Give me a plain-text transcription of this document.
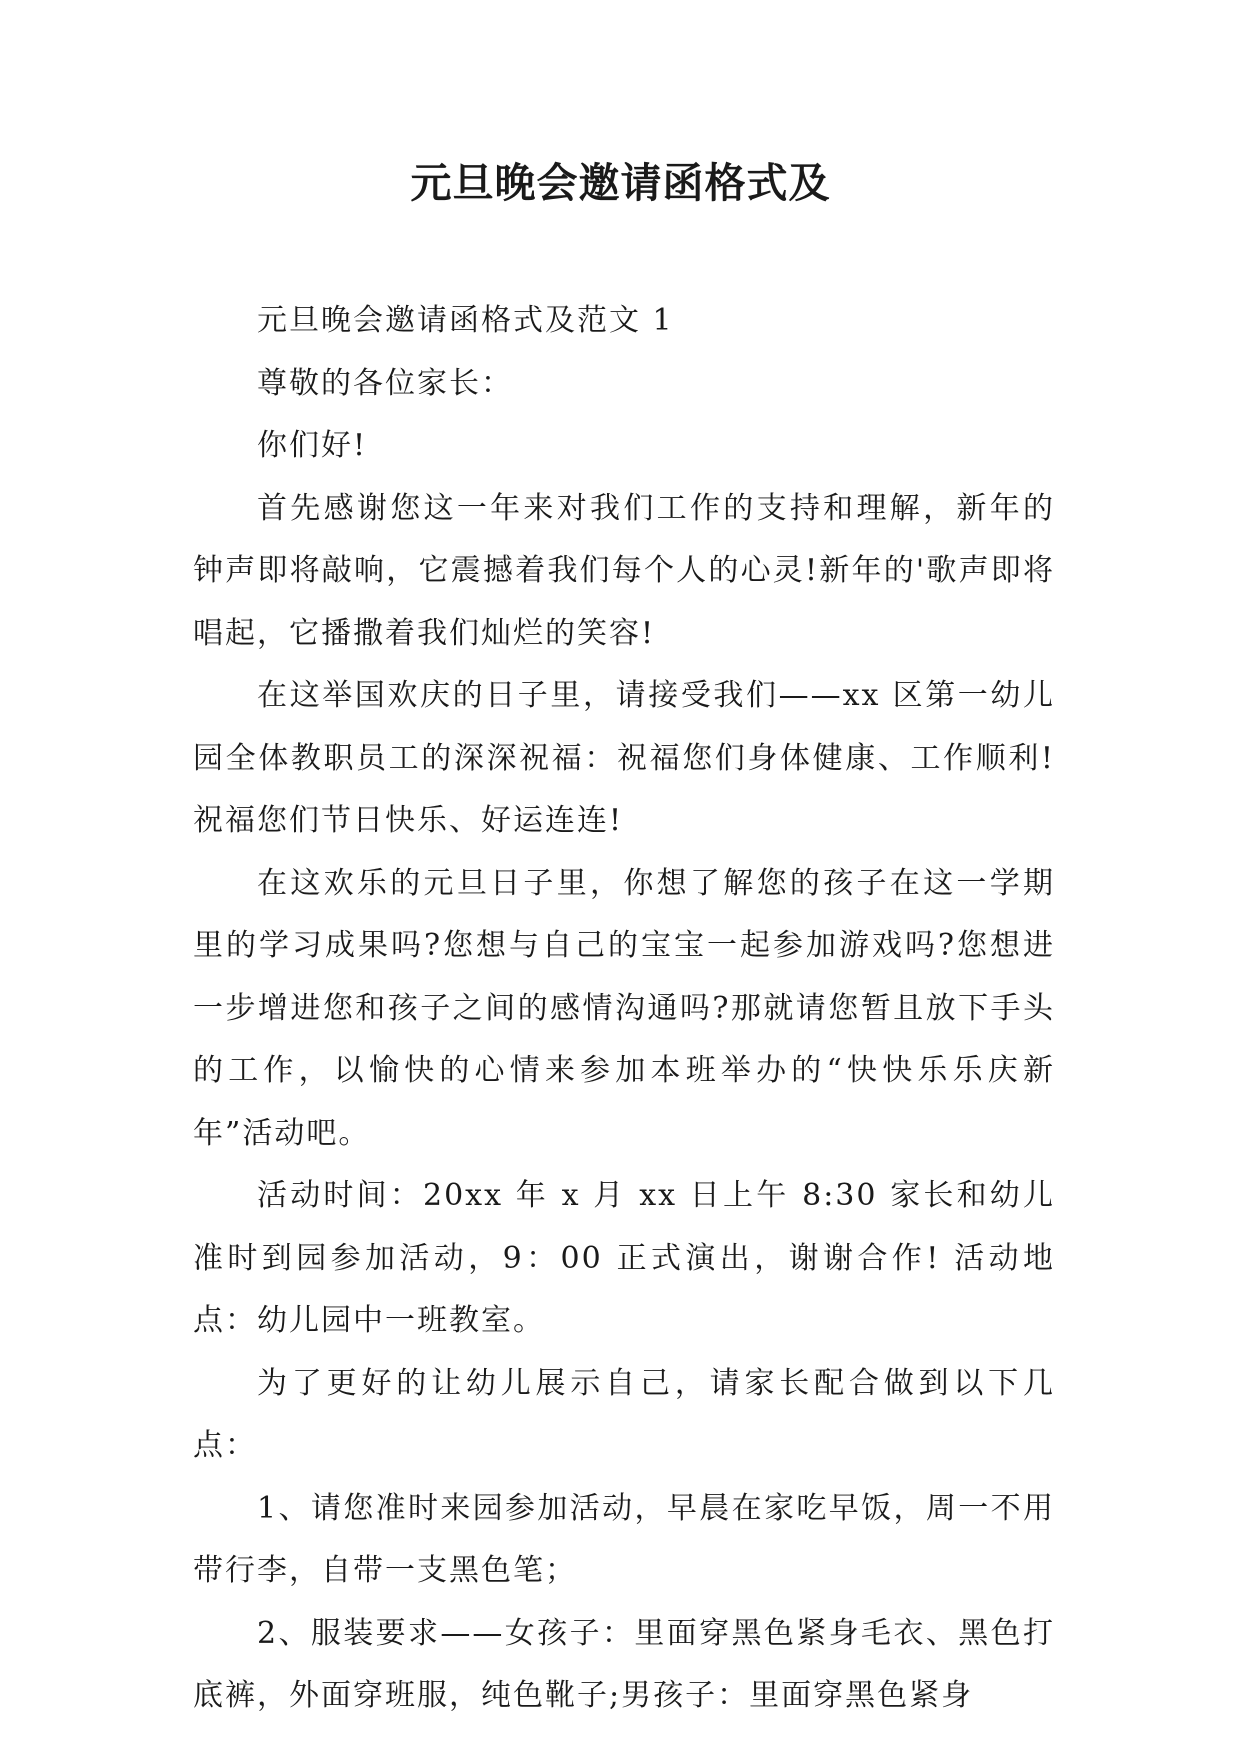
元旦晚会邀请函格式及

元旦晚会邀请函格式及范文 1

尊敬的各位家长：

你们好!

首先感谢您这一年来对我们工作的支持和理解，新年的钟声即将敲响，它震撼着我们每个人的心灵!新年的'歌声即将唱起，它播撒着我们灿烂的笑容!

在这举国欢庆的日子里，请接受我们——xx 区第一幼儿园全体教职员工的深深祝福：祝福您们身体健康、工作顺利!祝福您们节日快乐、好运连连!

在这欢乐的元旦日子里，你想了解您的孩子在这一学期里的学习成果吗?您想与自己的宝宝一起参加游戏吗?您想进一步增进您和孩子之间的感情沟通吗?那就请您暂且放下手头的工作，以愉快的心情来参加本班举办的“快快乐乐庆新年”活动吧。

活动时间：20xx 年 x 月 xx 日上午 8:30 家长和幼儿准时到园参加活动，9：00 正式演出，谢谢合作! 活动地点：幼儿园中一班教室。

为了更好的让幼儿展示自己，请家长配合做到以下几点：

1、请您准时来园参加活动，早晨在家吃早饭，周一不用带行李，自带一支黑色笔；

2、服装要求——女孩子：里面穿黑色紧身毛衣、黑色打底裤，外面穿班服，纯色靴子;男孩子：里面穿黑色紧身
